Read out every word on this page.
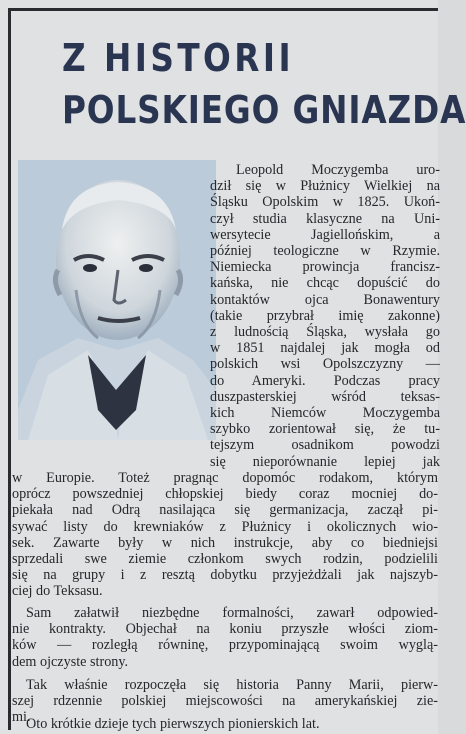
Z HISTORII
POLSKIEGO GNIAZDA
Leopold Moczygemba uro-
dził się w Płużnicy Wielkiej na
Śląsku Opolskim w 1825. Ukoń-
czył studia klasyczne na Uni-
wersytecie Jagiellońskim, a
później teologiczne w Rzymie.
Niemiecka prowincja francisz-
kańska, nie chcąc dopuścić do
kontaktów ojca Bonawentury
(takie przybrał imię zakonne)
z ludnością Śląska, wysłała go
w 1851 najdalej jak mogła od
polskich wsi Opolszczyzny —
do Ameryki. Podczas pracy
duszpasterskiej wśród teksas-
kich Niemców Moczygemba
szybko zorientował się, że tu-
tejszym osadnikom powodzi
się nieporównanie lepiej jak
w Europie. Toteż pragnąc dopomóc rodakom, którym
oprócz powszedniej chłopskiej biedy coraz mocniej do-
piekała nad Odrą nasilająca się germanizacja, zaczął pi-
sywać listy do krewniaków z Płużnicy i okolicznych wio-
sek. Zawarte były w nich instrukcje, aby co biedniejsi
sprzedali swe ziemie członkom swych rodzin, podzielili
się na grupy i z resztą dobytku przyjeżdżali jak najszyb-
ciej do Teksasu.
Sam załatwił niezbędne formalności, zawarł odpowied-
nie kontrakty. Objechał na koniu przyszłe włości ziom-
ków — rozległą równinę, przypominającą swoim wyglą-
dem ojczyste strony.
Tak właśnie rozpoczęła się historia Panny Marii, pierw-
szej rdzennie polskiej miejscowości na amerykańskiej zie-
mi.
Oto krótkie dzieje tych pierwszych pionierskich lat.
